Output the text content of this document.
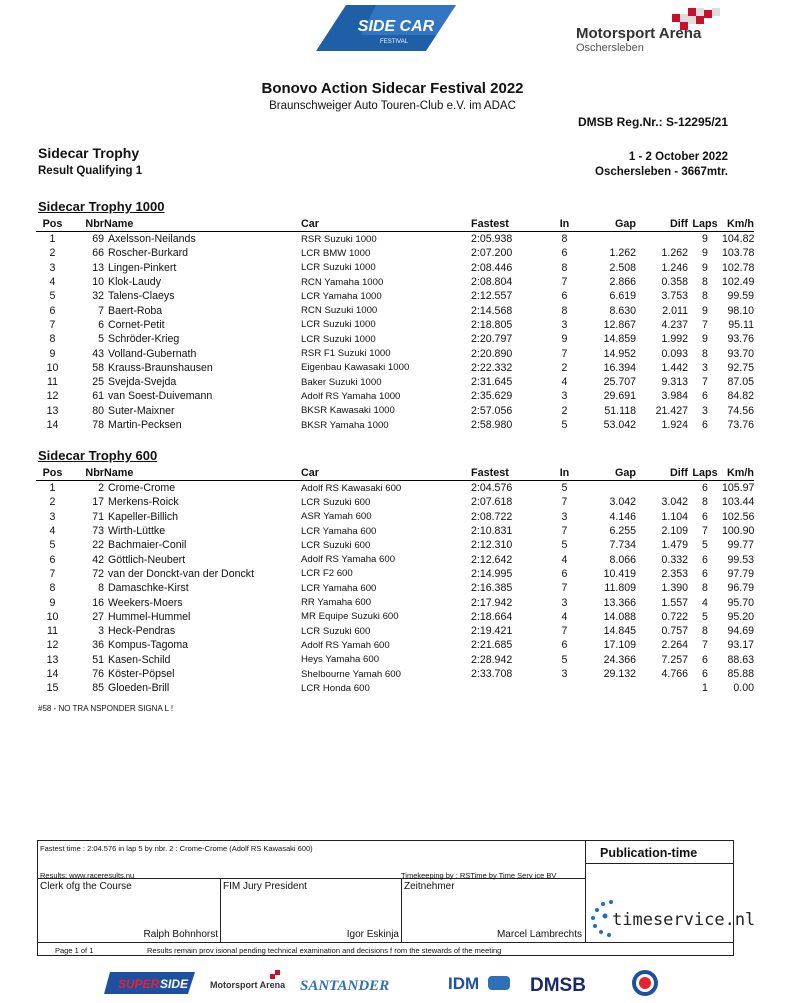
SIDE CAR
FESTIVAL	Motorsport Arena
Oschersleben
Bonovo Action Sidecar Festival 2022
Braunschweiger Auto Touren-Club e.V. im ADAC
DMSB Reg.Nr.: S-12295/21
Sidecar Trophy
Result Qualifying 1
1 - 2 October 2022
Oschersleben - 3667mtr.
Sidecar Trophy 1000
Pos	Nbr	Name	Car	Fastest	In	Gap	Diff	Laps	Km/h
1	69	Axelsson-Neilands	RSR Suzuki 1000	2:05.938	8			9	104.82
2	66	Roscher-Burkard	LCR BMW 1000	2:07.200	6	1.262	1.262	9	103.78
3	13	Lingen-Pinkert	LCR Suzuki 1000	2:08.446	8	2.508	1.246	9	102.78
4	10	Klok-Laudy	RCN Yamaha 1000	2:08.804	7	2.866	0.358	8	102.49
5	32	Talens-Claeys	LCR Yamaha 1000	2:12.557	6	6.619	3.753	8	99.59
6	7	Baert-Roba	RCN Suzuki 1000	2:14.568	8	8.630	2.011	9	98.10
7	6	Cornet-Petit	LCR Suzuki 1000	2:18.805	3	12.867	4.237	7	95.11
8	5	Schröder-Krieg	LCR Suzuki 1000	2:20.797	9	14.859	1.992	9	93.76
9	43	Volland-Gubernath	RSR F1 Suzuki 1000	2:20.890	7	14.952	0.093	8	93.70
10	58	Krauss-Braunshausen	Eigenbau Kawasaki 1000	2:22.332	2	16.394	1.442	3	92.75
11	25	Svejda-Svejda	Baker Suzuki 1000	2:31.645	4	25.707	9.313	7	87.05
12	61	van Soest-Duivemann	Adolf RS Yamaha 1000	2:35.629	3	29.691	3.984	6	84.82
13	80	Suter-Maixner	BKSR Kawasaki 1000	2:57.056	2	51.118	21.427	3	74.56
14	78	Martin-Pecksen	BKSR Yamaha 1000	2:58.980	5	53.042	1.924	6	73.76
Sidecar Trophy 600
Pos	Nbr	Name	Car	Fastest	In	Gap	Diff	Laps	Km/h
1	2	Crome-Crome	Adolf RS Kawasaki 600	2:04.576	5			6	105.97
2	17	Merkens-Roick	LCR Suzuki 600	2:07.618	7	3.042	3.042	8	103.44
3	71	Kapeller-Billich	ASR Yamah 600	2:08.722	3	4.146	1.104	6	102.56
4	73	Wirth-Lüttke	LCR Yamaha 600	2:10.831	7	6.255	2.109	7	100.90
5	22	Bachmaier-Conil	LCR Suzuki 600	2:12.310	5	7.734	1.479	5	99.77
6	42	Göttlich-Neubert	Adolf RS Yamaha 600	2:12.642	4	8.066	0.332	6	99.53
7	72	van der Donckt-van der Donckt	LCR F2 600	2:14.995	6	10.419	2.353	6	97.79
8	8	Damaschke-Kirst	LCR Yamaha 600	2:16.385	7	11.809	1.390	8	96.79
9	16	Weekers-Moers	RR Yamaha 600	2:17.942	3	13.366	1.557	4	95.70
10	27	Hummel-Hummel	MR Equipe Suzuki 600	2:18.664	4	14.088	0.722	5	95.20
11	3	Heck-Pendras	LCR Suzuki 600	2:19.421	7	14.845	0.757	8	94.69
12	36	Kompus-Tagoma	Adolf RS Yamah 600	2:21.685	6	17.109	2.264	7	93.17
13	51	Kasen-Schild	Heys Yamaha 600	2:28.942	5	24.366	7.257	6	88.63
14	76	Köster-Pöpsel	Shelbourne Yamah 600	2:33.708	3	29.132	4.766	6	85.88
15	85	Gloeden-Brill	LCR Honda 600					1	0.00
#58 - NO TRA NSPONDER SIGNA L !
Fastest time : 2:04.576 in lap 5 by nbr. 2 : Crome-Crome (Adolf RS Kawasaki 600)	Publication-time
Results: www.raceresults.nu	Timekeeping by : RSTime by Time Serv ice BV
Clerk ofg the Course	FIM Jury President	Zeitnehmer
Ralph Bohnhorst	Igor Eskinja	Marcel Lambrechts
timeservice.nl
Page 1 of 1	Results remain prov isional pending technical examination and decisions f rom the stewards of the meeting
SUPER SIDE Motorsport Arena SANTANDER	IDM	DMSB
